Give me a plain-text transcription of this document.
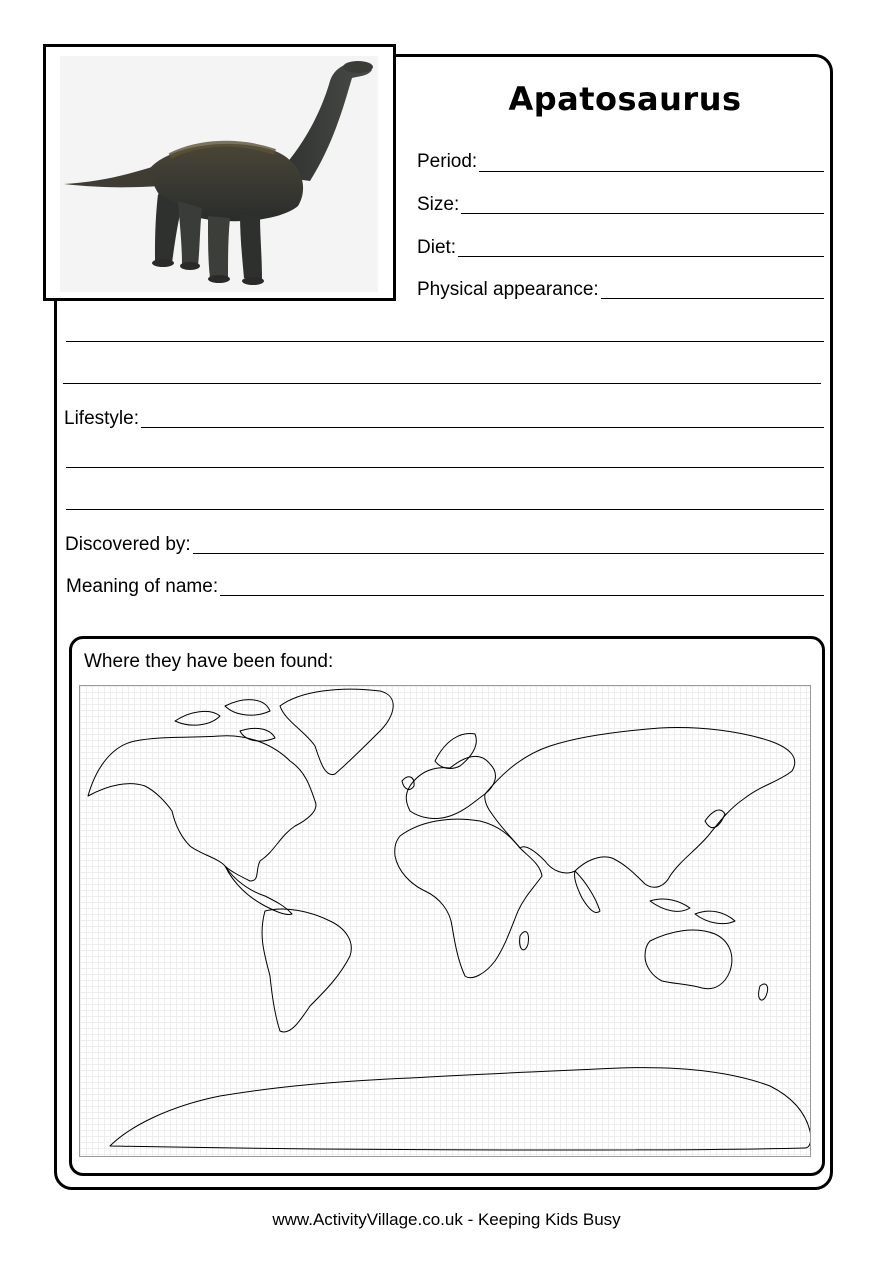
Apatosaurus
Period:
Size:
Diet:
Physical appearance:
Lifestyle:
Discovered by:
Meaning of name:
Where they have been found:
www.ActivityVillage.co.uk - Keeping Kids Busy
